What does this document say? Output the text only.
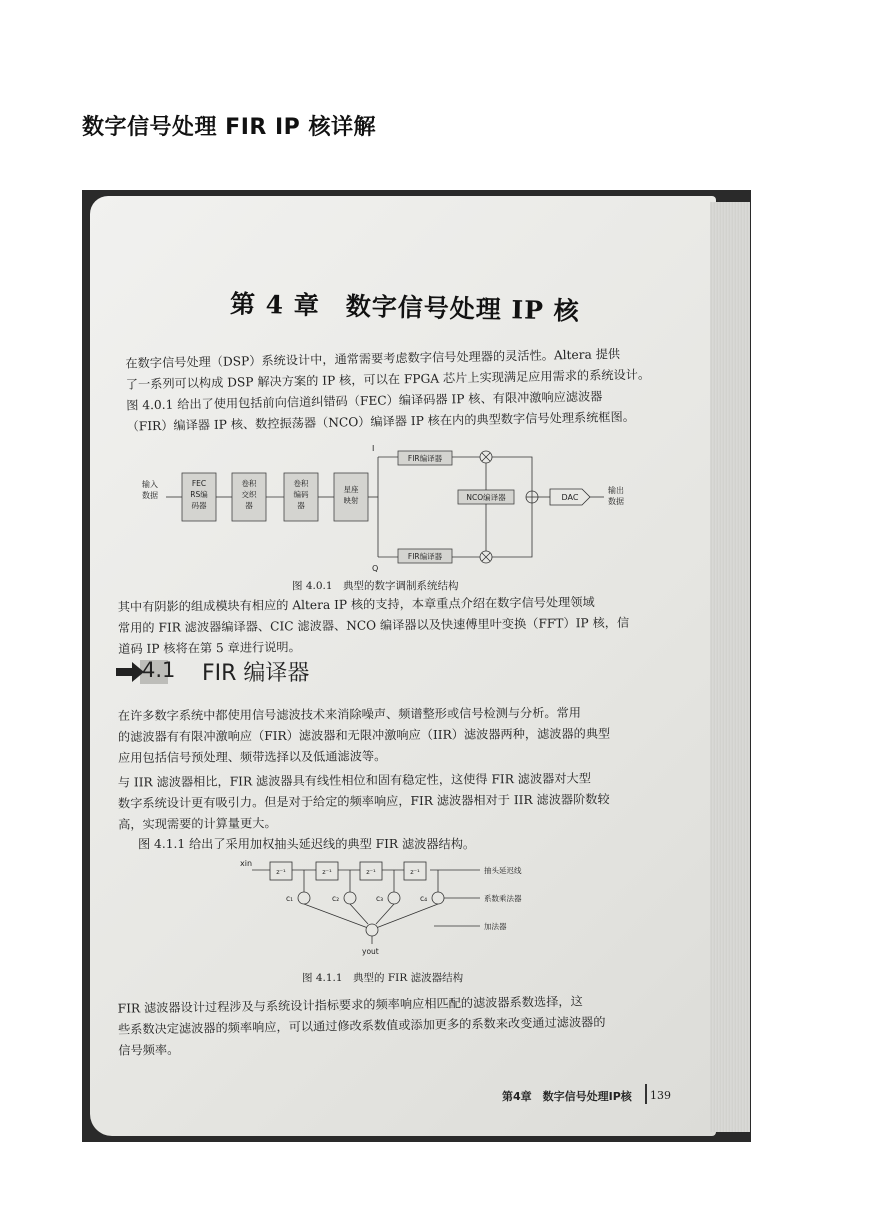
数字信号处理 FIR IP 核详解
第 4 章　数字信号处理 IP 核
在数字信号处理（DSP）系统设计中，通常需要考虑数字信号处理器的灵活性。Altera 提供
了一系列可以构成 DSP 解决方案的 IP 核，可以在 FPGA 芯片上实现满足应用需求的系统设计。
图 4.0.1 给出了使用包括前向信道纠错码（FEC）编译码器 IP 核、有限冲激响应滤波器
（FIR）编译器 IP 核、数控振荡器（NCO）编译器 IP 核在内的典型数字信号处理系统框图。
输入
数据
FEC
RS编
码器
卷积
交织
器
卷积
编码
器
星座
映射
FIR编译器
FIR编译器
NCO编译器
I
Q
DAC
输出
数据
图 4.0.1　典型的数字调制系统结构
其中有阴影的组成模块有相应的 Altera IP 核的支持，本章重点介绍在数字信号处理领域
常用的 FIR 滤波器编译器、CIC 滤波器、NCO 编译器以及快速傅里叶变换（FFT）IP 核，信
道码 IP 核将在第 5 章进行说明。
4.1 FIR 编译器
在许多数字系统中都使用信号滤波技术来消除噪声、频谱整形或信号检测与分析。常用
的滤波器有有限冲激响应（FIR）滤波器和无限冲激响应（IIR）滤波器两种，滤波器的典型
应用包括信号预处理、频带选择以及低通滤波等。
与 IIR 滤波器相比，FIR 滤波器具有线性相位和固有稳定性，这使得 FIR 滤波器对大型
数字系统设计更有吸引力。但是对于给定的频率响应，FIR 滤波器相对于 IIR 滤波器阶数较
高，实现需要的计算量更大。
图 4.1.1 给出了采用加权抽头延迟线的典型 FIR 滤波器结构。
xin
z⁻¹	z⁻¹	z⁻¹	z⁻¹
c₁	c₂	c₃	c₄
抽头延迟线
系数乘法器
加法器
yout
图 4.1.1　典型的 FIR 滤波器结构
FIR 滤波器设计过程涉及与系统设计指标要求的频率响应相匹配的滤波器系数选择，这
些系数决定滤波器的频率响应，可以通过修改系数值或添加更多的系数来改变通过滤波器的
信号频率。
第4章　数字信号处理IP核 139
